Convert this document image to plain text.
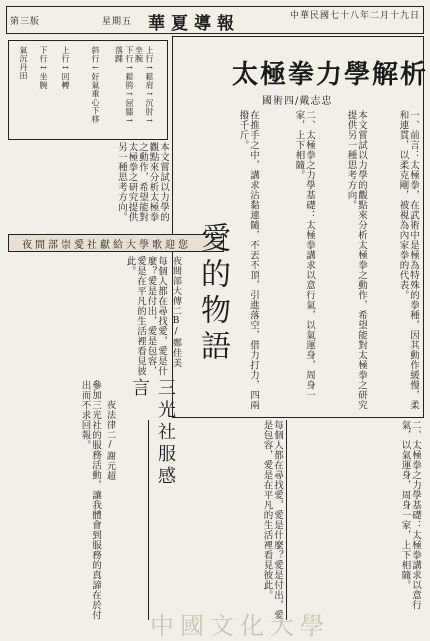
中華民國七十八年二月十九日
華夏導報
星期五
第三版
太極拳力學解析
國術四/戴志忠
一、前言：太極拳，在武術中是極為特殊的拳種，因其動作緩慢，柔和連貫，以柔克剛，被視為內家拳的代表。
本文嘗試以力學的觀點來分析太極拳之動作，希望能對太極拳之研究提供另一種思考方向。
二、太極拳之力學基礎：太極拳講求以意行氣，以氣運身，周身一家，上下相隨。
在推手之中，講求沾黏連隨，不丟不頂，引進落空，借力打力，四兩撥千斤。
上行→鬆肩→沉肘→坐腕
下行→鬆胯→屈膝→落踝
斜行←好氣重心下移
上行↔回轉
下行↔坐腕
氣沉丹田
本文嘗試以力學的觀點來分析太極拳之動作，希望能對太極拳之研究提供另一種思考方向。
夜間部崇愛社獻給大學歌迎您 愛的物語
夜間部大傳二B/鄭佳美
每個人都在尋找愛，愛是什麼？愛是付出，愛是包容，愛是在平凡的生活裡看見彼此。
三光社服感言
夜法律二/謝元超
參加三光社的服務活動，讓我體會到服務的真諦在於付出而不求回報。
每個人都在尋找愛，愛是什麼？愛是付出，愛是包容，愛是在平凡的生活裡看見彼此。	二、太極拳之力學基礎：太極拳講求以意行氣，以氣運身，周身一家，上下相隨。
中國文化大學
